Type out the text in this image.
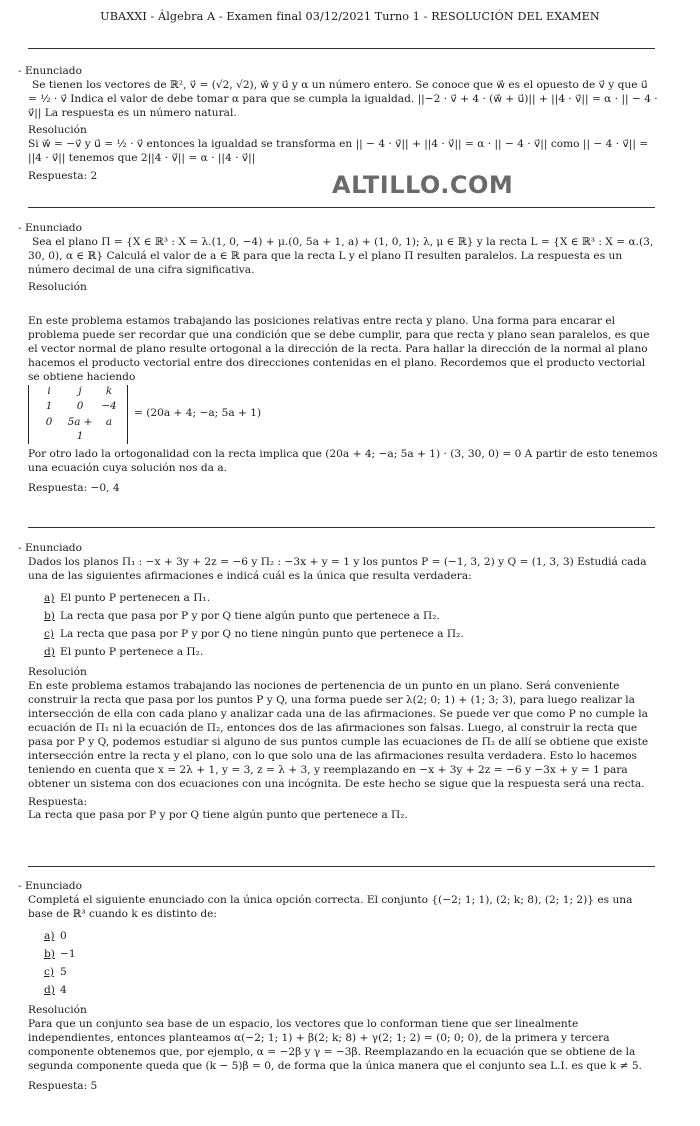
UBAXXI - Álgebra A - Examen final 03/12/2021 Turno 1 - RESOLUCIÓN DEL EXAMEN

- Enunciado

Se tienen los vectores de ℝ², v⃗ = (√2, √2), w⃗ y u⃗ y α un número entero. Se conoce que w⃗ es el opuesto de v⃗ y que u⃗ = ½ · v⃗ Indica el valor de debe tomar α para que se cumpla la igualdad. ||−2 · v⃗ + 4 · (w⃗ + u⃗)|| + ||4 · v⃗|| = α · || − 4 · v⃗|| La respuesta es un número natural.

Resolución

Si w⃗ = −v⃗ y u⃗ = ½ · v⃗ entonces la igualdad se transforma en || − 4 · v⃗|| + ||4 · v⃗|| = α · || − 4 · v⃗|| como || − 4 · v⃗|| = ||4 · v⃗|| tenemos que 2||4 · v⃗|| = α · ||4 · v⃗||

Respuesta: 2	ALTILLO.COM

- Enunciado

Sea el plano Π = {X ∈ ℝ³ : X = λ.(1, 0, −4) + μ.(0, 5a + 1, a) + (1, 0, 1); λ, μ ∈ ℝ} y la recta L = {X ∈ ℝ³ : X = α.(3, 30, 0), α ∈ ℝ} Calculá el valor de a ∈ ℝ para que la recta L y el plano Π resulten paralelos. La respuesta es un número decimal de una cifra significativa.

Resolución

En este problema estamos trabajando las posiciones relativas entre recta y plano. Una forma para encarar el problema puede ser recordar que una condición que se debe cumplir, para que recta y plano sean paralelos, es que el vector normal de plano resulte ortogonal a la dirección de la recta. Para hallar la dirección de la normal al plano hacemos el producto vectorial entre dos direcciones contenidas en el plano. Recordemos que el producto vectorial se obtiene haciendo

i	j	k
1	0	−4
0	5a + 1
a
= (20a + 4; −a; 5a + 1)

Por otro lado la ortogonalidad con la recta implica que (20a + 4; −a; 5a + 1) · (3, 30, 0) = 0 A partir de esto tenemos una ecuación cuya solución nos da a.

Respuesta: −0, 4

- Enunciado

Dados los planos Π₁ : −x + 3y + 2z = −6 y Π₂ : −3x + y = 1 y los puntos P = (−1, 3, 2) y Q = (1, 3, 3) Estudiá cada una de las siguientes afirmaciones e indicá cuál es la única que resulta verdadera:

a) El punto P pertenecen a Π₁.
b) La recta que pasa por P y por Q tiene algún punto que pertenece a Π₂.
c) La recta que pasa por P y por Q no tiene ningún punto que pertenece a Π₂.
d) El punto P pertenece a Π₂.

Resolución

En este problema estamos trabajando las nociones de pertenencia de un punto en un plano. Será conveniente construir la recta que pasa por los puntos P y Q, una forma puede ser λ(2; 0; 1) + (1; 3; 3), para luego realizar la intersección de ella con cada plano y analizar cada una de las afirmaciones. Se puede ver que como P no cumple la ecuación de Π₁ ni la ecuación de Π₂, entonces dos de las afirmaciones son falsas. Luego, al construir la recta que pasa por P y Q, podemos estudiar si alguno de sus puntos cumple las ecuaciones de Π₂ de allí se obtiene que existe intersección entre la recta y el plano, con lo que solo una de las afirmaciones resulta verdadera. Esto lo hacemos teniendo en cuenta que x = 2λ + 1, y = 3, z = λ + 3, y reemplazando en −x + 3y + 2z = −6 y −3x + y = 1 para obtener un sistema con dos ecuaciones con una incógnita. De este hecho se sigue que la respuesta será una recta.

Respuesta:

La recta que pasa por P y por Q tiene algún punto que pertenece a Π₂.

- Enunciado

Completá el siguiente enunciado con la única opción correcta. El conjunto {(−2; 1; 1), (2; k; 8), (2; 1; 2)} es una base de ℝ³ cuando k es distinto de:

a) 0
b) −1
c) 5
d) 4

Resolución

Para que un conjunto sea base de un espacio, los vectores que lo conforman tiene que ser linealmente independientes, entonces planteamos α(−2; 1; 1) + β(2; k; 8) + γ(2; 1; 2) = (0; 0; 0), de la primera y tercera componente obtenemos que, por ejemplo, α = −2β y γ = −3β. Reemplazando en la ecuación que se obtiene de la segunda componente queda que (k − 5)β = 0, de forma que la única manera que el conjunto sea L.I. es que k ≠ 5.

Respuesta: 5
